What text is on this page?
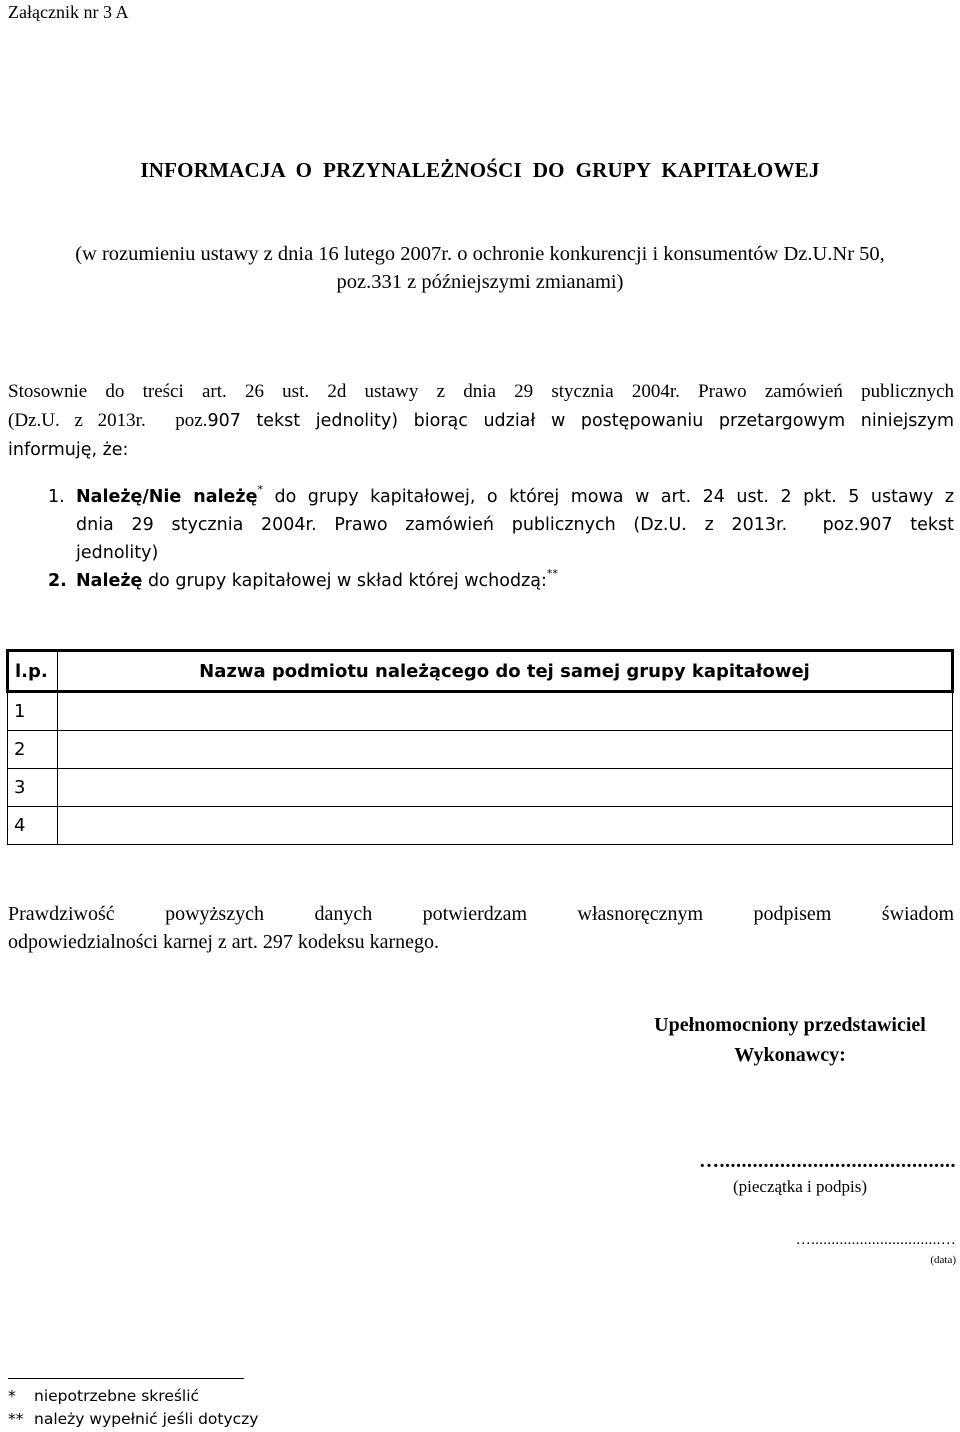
Załącznik nr 3 A
INFORMACJA  O  PRZYNALEŻNOŚCI  DO  GRUPY  KAPITAŁOWEJ
(w rozumieniu ustawy z dnia 16 lutego 2007r. o ochronie konkurencji i konsumentów Dz.U.Nr 50,
poz.331 z późniejszymi zmianami)
Stosownie do treści art. 26 ust. 2d ustawy z dnia 29 stycznia 2004r. Prawo zamówień publicznych
(Dz.U. z 2013r.  poz.907 tekst jednolity) biorąc udział w postępowaniu przetargowym niniejszym
informuję, że:
1. Należę/Nie należę* do grupy kapitałowej, o której mowa w art. 24 ust. 2 pkt. 5 ustawy z
dnia 29 stycznia 2004r. Prawo zamówień publicznych (Dz.U. z 2013r.  poz.907 tekst
jednolity)
2. Należę do grupy kapitałowej w skład której wchodzą:**
l.p.	Nazwa podmiotu należącego do tej samej grupy kapitałowej
1	
2	
3	
4	
Prawdziwość  powyższych  danych  potwierdzam  własnoręcznym  podpisem  świadom
odpowiedzialności karnej z art. 297 kodeksu karnego.
Upełnomocniony przedstawiciel
Wykonawcy:
…...........................................
(pieczątka i podpis)
…................................…
(data)
* niepotrzebne skreślić
** należy wypełnić jeśli dotyczy
